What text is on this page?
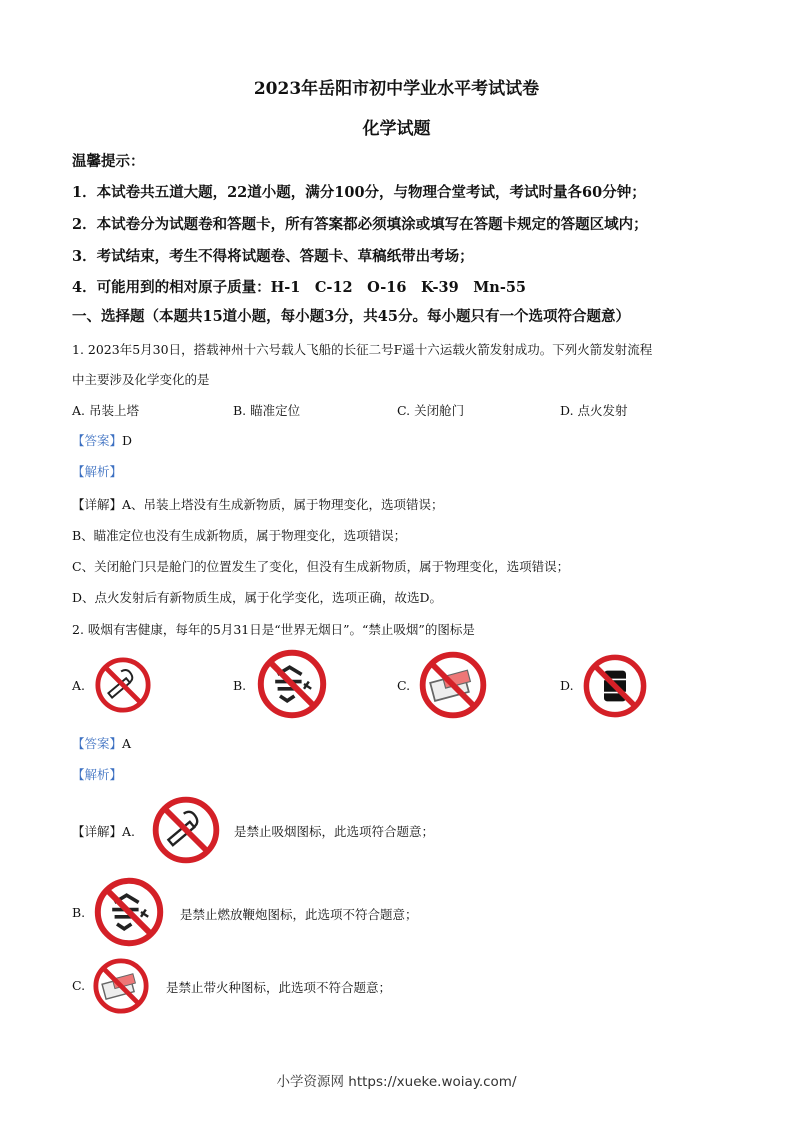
2023年岳阳市初中学业水平考试试卷
化学试题
温馨提示：
1．本试卷共五道大题，22道小题，满分100分，与物理合堂考试，考试时量各60分钟；
2．本试卷分为试题卷和答题卡，所有答案都必须填涂或填写在答题卡规定的答题区域内；
3．考试结束，考生不得将试题卷、答题卡、草稿纸带出考场；
4．可能用到的相对原子质量：H-1　C-12　O-16　K-39　Mn-55
一、选择题（本题共15道小题，每小题3分，共45分。每小题只有一个选项符合题意）
1. 2023年5月30日，搭载神州十六号载人飞船的长征二号F遥十六运载火箭发射成功。下列火箭发射流程
中主要涉及化学变化的是
A. 吊装上塔	B. 瞄准定位	C. 关闭舱门	D. 点火发射
【答案】D
【解析】
【详解】A、吊装上塔没有生成新物质，属于物理变化，选项错误；
B、瞄准定位也没有生成新物质，属于物理变化，选项错误；
C、关闭舱门只是舱门的位置发生了变化，但没有生成新物质，属于物理变化，选项错误；
D、点火发射后有新物质生成，属于化学变化，选项正确，故选D。
2. 吸烟有害健康，每年的5月31日是“世界无烟日”。“禁止吸烟”的图标是
A.	B.	C.	D.
【答案】A
【解析】
【详解】A.	是禁止吸烟图标，此选项符合题意；
B.	是禁止燃放鞭炮图标，此选项不符合题意；
C.	是禁止带火种图标，此选项不符合题意；
小学资源网 https://xueke.woiay.com/
